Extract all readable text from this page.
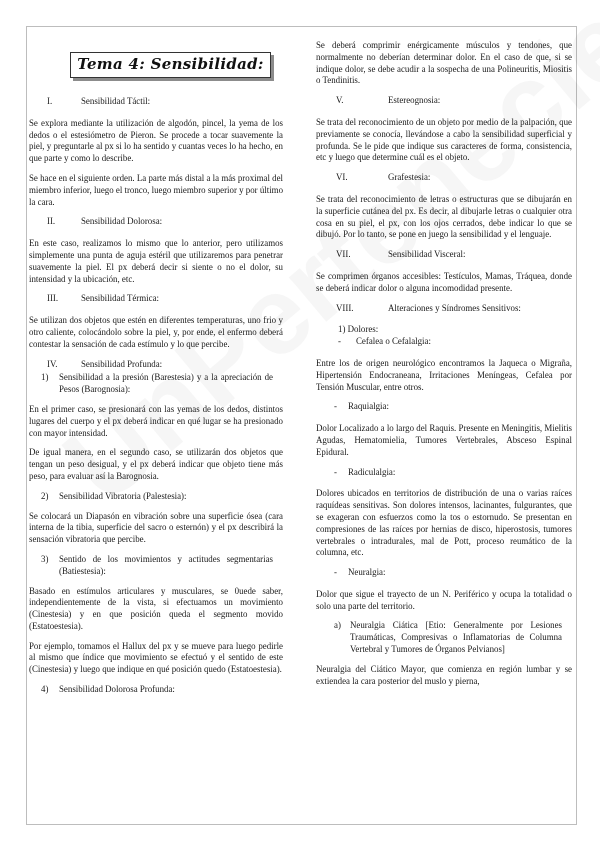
Tema 4: Sensibilidad:
I.	Sensibilidad Táctil:

Se explora mediante la utilización de algodón, pincel, la yema de los dedos o el estesiómetro de Pieron. Se procede a tocar suavemente la piel, y preguntarle al px si lo ha sentido y cuantas veces lo ha hecho, en que parte y como lo describe.

Se hace en el siguiente orden. La parte más distal a la más proximal del miembro inferior, luego el tronco, luego miembro superior y por último la cara.

II.	Sensibilidad Dolorosa:

En este caso, realizamos lo mismo que lo anterior, pero utilizamos simplemente una punta de aguja estéril que utilizaremos para penetrar suavemente la piel. El px deberá decir si siente o no el dolor, su intensidad y la ubicación, etc.

III.	Sensibilidad Térmica:

Se utilizan dos objetos que estén en diferentes temperaturas, uno frio y otro caliente, colocándolo sobre la piel, y, por ende, el enfermo deberá contestar la sensación de cada estímulo y lo que percibe.

IV.	Sensibilidad Profunda:
1)	Sensibilidad a la presión (Barestesia) y a la apreciación de Pesos (Barognosia):

En el primer caso, se presionará con las yemas de los dedos, distintos lugares del cuerpo y el px deberá indicar en qué lugar se ha presionado con mayor intensidad.

De igual manera, en el segundo caso, se utilizarán dos objetos que tengan un peso desigual, y el px deberá indicar que objeto tiene más peso, para evaluar así la Barognosia.

2)	Sensibilidad Vibratoria (Palestesia):

Se colocará un Diapasón en vibración sobre una superficie ósea (cara interna de la tibia, superficie del sacro o esternón) y el px describirá la sensación vibratoria que percibe.

3)	Sentido de los movimientos y actitudes segmentarias (Batiestesia):

Basado en estímulos articulares y musculares, se 0uede saber, independientemente de la vista, si efectuamos un movimiento (Cinestesia) y en que posición queda el segmento movido (Estatoestesia).

Por ejemplo, tomamos el Hallux del px y se mueve para luego pedirle al mismo que índice que movimiento se efectuó y el sentido de este (Cinestesia) y luego que indique en qué posición quedo (Estatoestesia).

4)	Sensibilidad Dolorosa Profunda:

Se deberá comprimir enérgicamente músculos y tendones, que normalmente no deberían determinar dolor. En el caso de que, si se indique dolor, se debe acudir a la sospecha de una Polineuritis, Miositis o Tendinitis.

V.	Estereognosia:

Se trata del reconocimiento de un objeto por medio de la palpación, que previamente se conocía, llevándose a cabo la sensibilidad superficial y profunda. Se le pide que indique sus caracteres de forma, consistencia, etc y luego que determine cuál es el objeto.

VI.	Grafestesia:

Se trata del reconocimiento de letras o estructuras que se dibujarán en la superficie cutánea del px. Es decir, al dibujarle letras o cualquier otra cosa en su piel, el px, con los ojos cerrados, debe indicar lo que se dibujó. Por lo tanto, se pone en juego la sensibilidad y el lenguaje.

VII.	Sensibilidad Visceral:

Se comprimen órganos accesibles: Testículos, Mamas, Tráquea, donde se deberá indicar dolor o alguna incomodidad presente.

VIII.	Alteraciones y Síndromes Sensitivos:
1) Dolores:
-	Cefalea o Cefalalgia:

Entre los de origen neurológico encontramos la Jaqueca o Migraña, Hipertensión Endocraneana, Irritaciones Meníngeas, Cefalea por Tensión Muscular, entre otros.

-	Raquialgia:

Dolor Localizado a lo largo del Raquis. Presente en Meningitis, Mielitis Agudas, Hematomielia, Tumores Vertebrales, Absceso Espinal Epidural.

-	Radiculalgia:

Dolores ubicados en territorios de distribución de una o varias raíces raquídeas sensitivas. Son dolores intensos, lacinantes, fulgurantes, que se exageran con esfuerzos como la tos o estornudo. Se presentan en compresiones de las raíces por hernias de disco, hiperostosis, tumores vertebrales o intradurales, mal de Pott, proceso reumático de la columna, etc.

-	Neuralgia:

Dolor que sigue el trayecto de un N. Periférico y ocupa la totalidad o solo una parte del territorio.

a)	Neuralgia Ciática [Etio: Generalmente por Lesiones Traumáticas, Compresivas o Inflamatorias de Columna Vertebral y Tumores de Órganos Pelvianos]

Neuralgia del Ciático Mayor, que comienza en región lumbar y se extiendea la cara posterior del muslo y pierna,
